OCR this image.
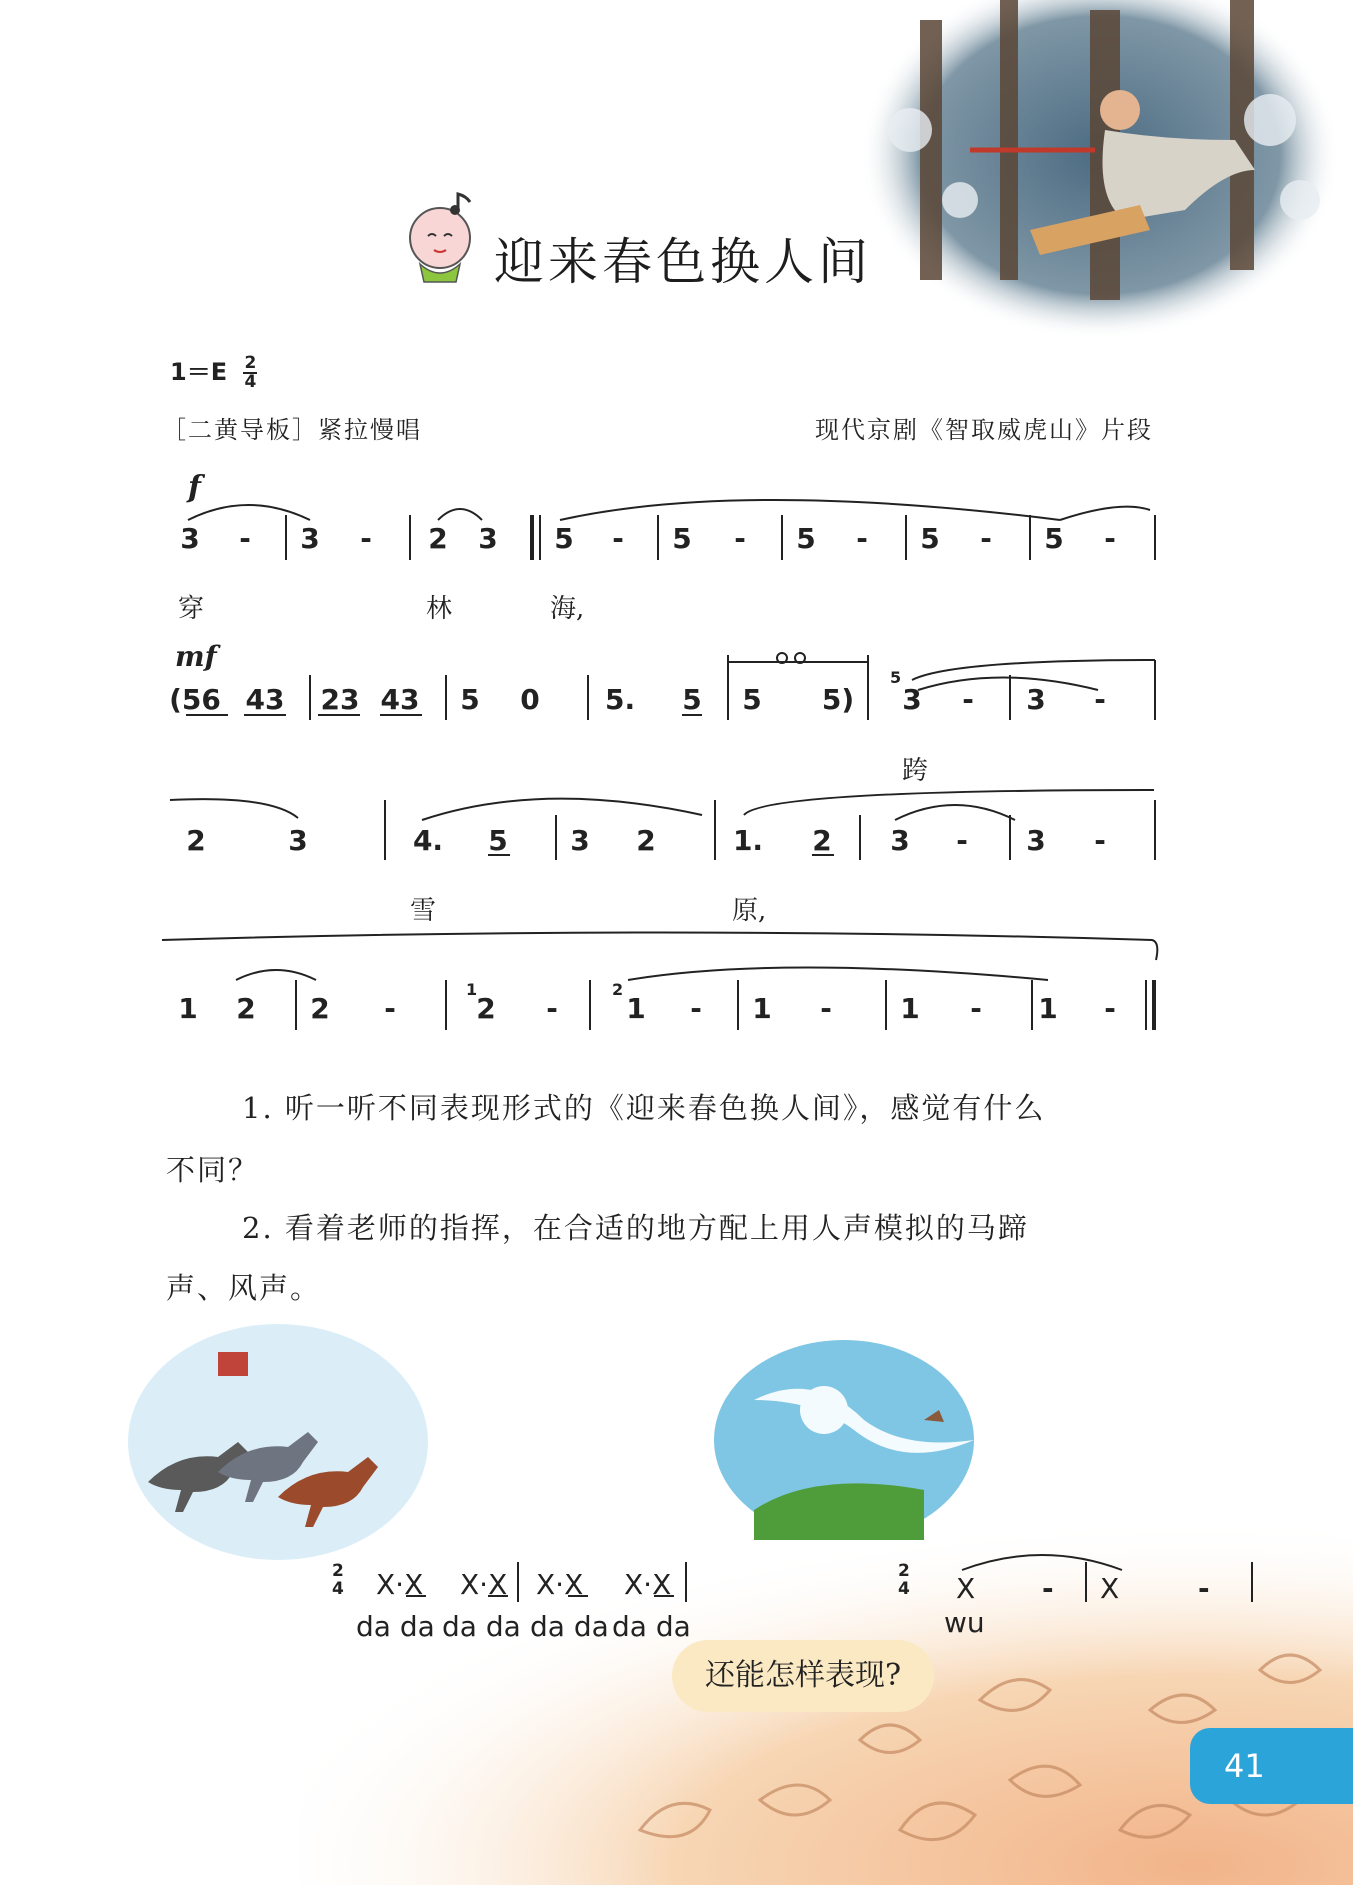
迎来春色换人间
$1=E \frac{2}{4}$
［二黄导板］紧拉慢唱	现代京剧《智取威虎山》片段
f
mf
3	-	3	-	2 3 5	-	5	-	5	-	5	-	5	-
穿	林	海,
(56 43 23 43 5 0 5. 5 5 5)
5
3	-	3	-
跨
2	3	4. 5 3 2	1. 2 3	-	3	-
雪	原,
1 2 2	-
1
2	-
2
1	-	1	-	1	-	1	-
1. 听一听不同表现形式的《迎来春色换人间》，感觉有什么
不同？
2. 看着老师的指挥，在合适的地方配上用人声模拟的马蹄
声、风声。
2
4 X·X X·X X·X X·X
da da da da da da da da
2
4 X - X	-
wu
还能怎样表现?
41
